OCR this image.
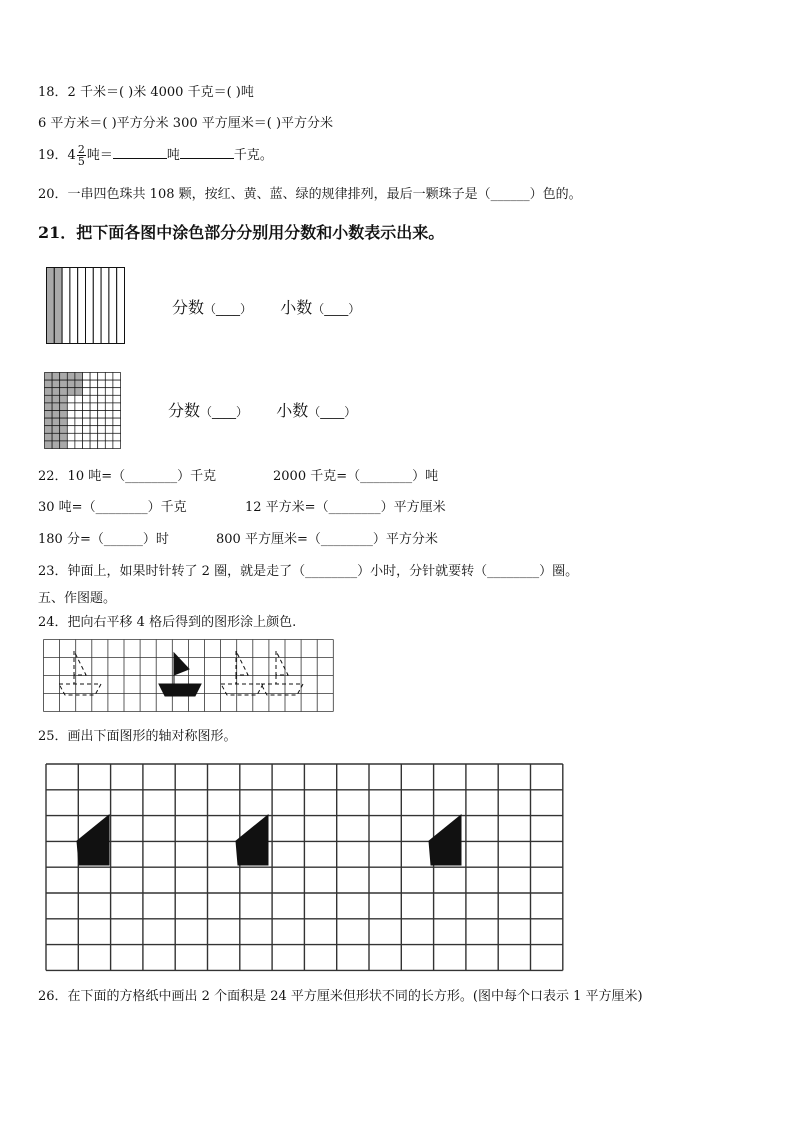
18．2 千米＝( )米 4000 千克＝( )吨
6 平方米＝( )平方分米 300 平方厘米＝( )平方分米
19．$4 \frac{2}{5}$ 吨＝	吨	千克。
20．一串四色珠共 108 颗，按红、黄、蓝、绿的规律排列，最后一颗珠子是（______）色的。
21．把下面各图中涂色部分分别用分数和小数表示出来。
分数（____） 小数（____）
分数（____） 小数（____）
22．10 吨=（________）千克	2000 千克=（________）吨
30 吨=（________）千克	12 平方米=（________）平方厘米
180 分=（______）时	800 平方厘米=（________）平方分米
23．钟面上，如果时针转了 2 圈，就是走了（________）小时，分针就要转（________）圈。
五、作图题。
24．把向右平移 4 格后得到的图形涂上颜色.
25．画出下面图形的轴对称图形。
26．在下面的方格纸中画出 2 个面积是 24 平方厘米但形状不同的长方形。(图中每个口表示 1 平方厘米)
